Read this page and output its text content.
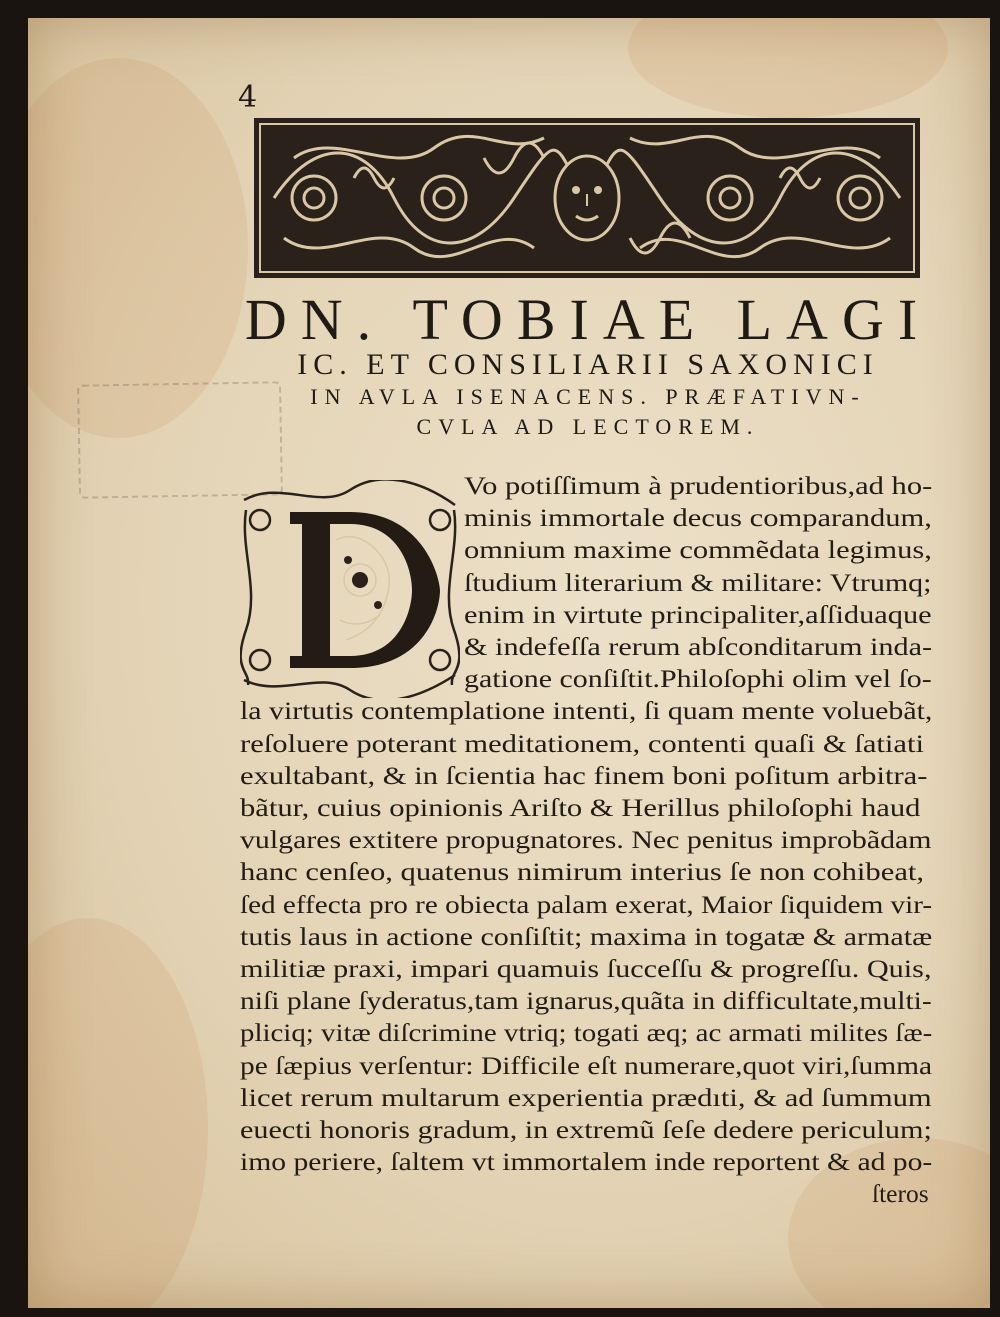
4
DN. TOBIAE LAGI
IC. ET CONSILIARII SAXONICI
IN AVLA ISENACENS. PRÆFATIVN-
CVLA AD LECTOREM.
Vo potiſſimum à prudentioribus,ad ho-
minis immortale decus comparandum,
omnium maxime commẽdata legimus,
ſtudium literarium & militare: Vtrumq;
enim in virtute principaliter,aſſiduaque
& indefeſſa rerum abſconditarum inda-
gatione conſiſtit.Philoſophi olim vel ſo-
la virtutis contemplatione intenti, ſi quam mente voluebãt,
reſoluere poterant meditationem, contenti quaſi & ſatiati
exultabant, & in ſcientia hac finem boni poſitum arbitra-
bãtur, cuius opinionis Ariſto & Herillus philoſophi haud
vulgares extitere propugnatores. Nec penitus improbãdam
hanc cenſeo, quatenus nimirum interius ſe non cohibeat,
ſed effecta pro re obiecta palam exerat, Maior ſiquidem vir-
tutis laus in actione conſiſtit; maxima in togatæ & armatæ
militiæ praxi, impari quamuis ſucceſſu & progreſſu. Quis,
niſi plane ſyderatus,tam ignarus,quãta in difficultate,multi-
pliciq; vitæ diſcrimine vtriq; togati æq; ac armati milites ſæ-
pe ſæpius verſentur: Difficile eſt numerare,quot viri,ſumma
licet rerum multarum experientia prædıti, & ad ſummum
euecti honoris gradum, in extremũ ſeſe dedere periculum;
imo periere, ſaltem vt immortalem inde reportent & ad po-
ſteros
